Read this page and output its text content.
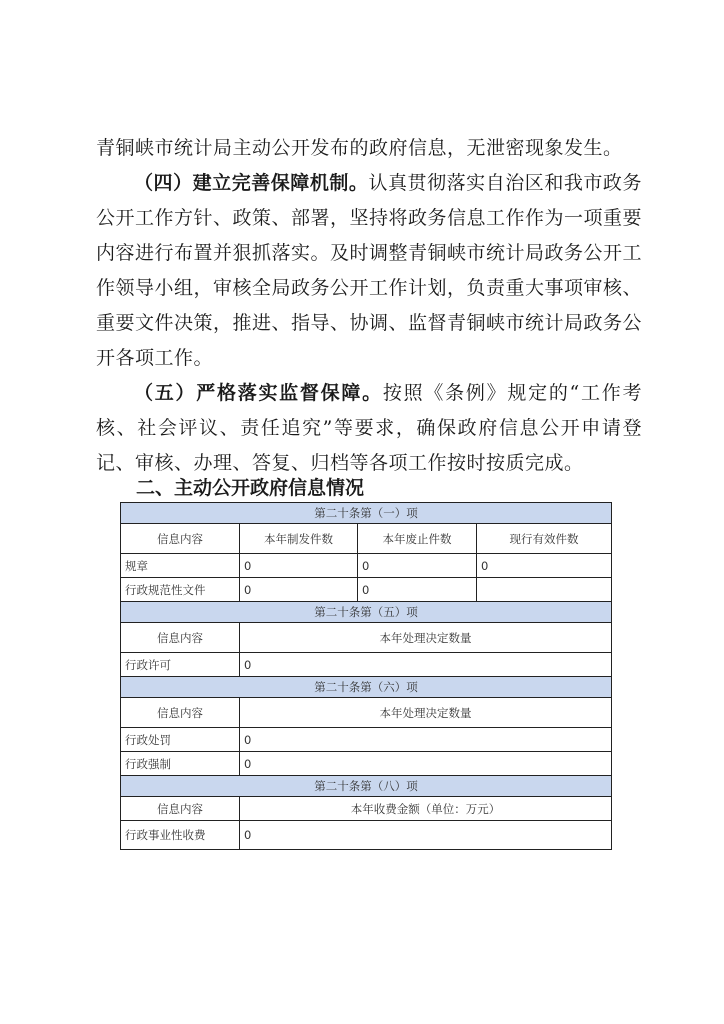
青铜峡市统计局主动公开发布的政府信息，无泄密现象发生。

（四）建立完善保障机制。认真贯彻落实自治区和我市政务公开工作方针、政策、部署，坚持将政务信息工作作为一项重要内容进行布置并狠抓落实。及时调整青铜峡市统计局政务公开工作领导小组，审核全局政务公开工作计划，负责重大事项审核、重要文件决策，推进、指导、协调、监督青铜峡市统计局政务公开各项工作。

（五）严格落实监督保障。按照《条例》规定的“工作考核、社会评议、责任追究”等要求，确保政府信息公开申请登记、审核、办理、答复、归档等各项工作按时按质完成。

二、主动公开政府信息情况
第二十条第（一）项			
信息内容	本年制发件数	本年废止件数	现行有效件数
规章	0	0	0
行政规范性文件	0	0	
第二十条第（五）项			
信息内容	本年处理决定数量		
行政许可	0		
第二十条第（六）项			
信息内容	本年处理决定数量		
行政处罚	0		
行政强制	0		
第二十条第（八）项			
信息内容	本年收费金额（单位：万元）		
行政事业性收费	0		
